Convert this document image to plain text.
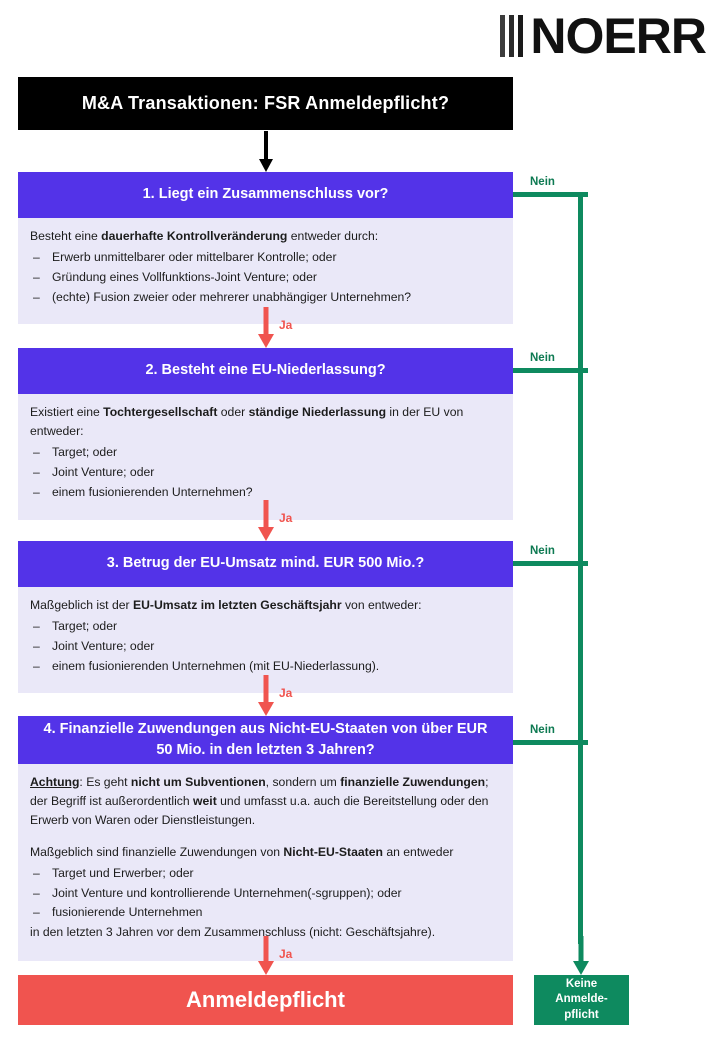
NOERR
M&A Transaktionen: FSR Anmeldepflicht?
1. Liegt ein Zusammenschluss vor?

Besteht eine dauerhafte Kontrollveränderung entweder durch:

– Erwerb unmittelbarer oder mittelbarer Kontrolle; oder
– Gründung eines Vollfunktions-Joint Venture; oder
– (echte) Fusion zweier oder mehrerer unabhängiger Unternehmen?
Ja
2. Besteht eine EU-Niederlassung?

Existiert eine Tochtergesellschaft oder ständige Niederlassung in der EU von entweder:

– Target; oder
– Joint Venture; oder
– einem fusionierenden Unternehmen?
Ja
3. Betrug der EU-Umsatz mind. EUR 500 Mio.?

Maßgeblich ist der EU-Umsatz im letzten Geschäftsjahr von entweder:

– Target; oder
– Joint Venture; oder
– einem fusionierenden Unternehmen (mit EU-Niederlassung).
Ja
4. Finanzielle Zuwendungen aus Nicht-EU-Staaten von über EUR 50 Mio. in den letzten 3 Jahren?

Achtung: Es geht nicht um Subventionen, sondern um finanzielle Zuwendungen; der Begriff ist außerordentlich weit und umfasst u.a. auch die Bereitstellung oder den Erwerb von Waren oder Dienstleistungen.

Maßgeblich sind finanzielle Zuwendungen von Nicht-EU-Staaten an entweder

– Target und Erwerber; oder
– Joint Venture und kontrollierende Unternehmen(-sgruppen); oder
– fusionierende Unternehmen

in den letzten 3 Jahren vor dem Zusammenschluss (nicht: Geschäftsjahre).

Ja
Nein
Nein
Nein
Nein
Anmeldepflicht
Keine
Anmelde-
pflicht
